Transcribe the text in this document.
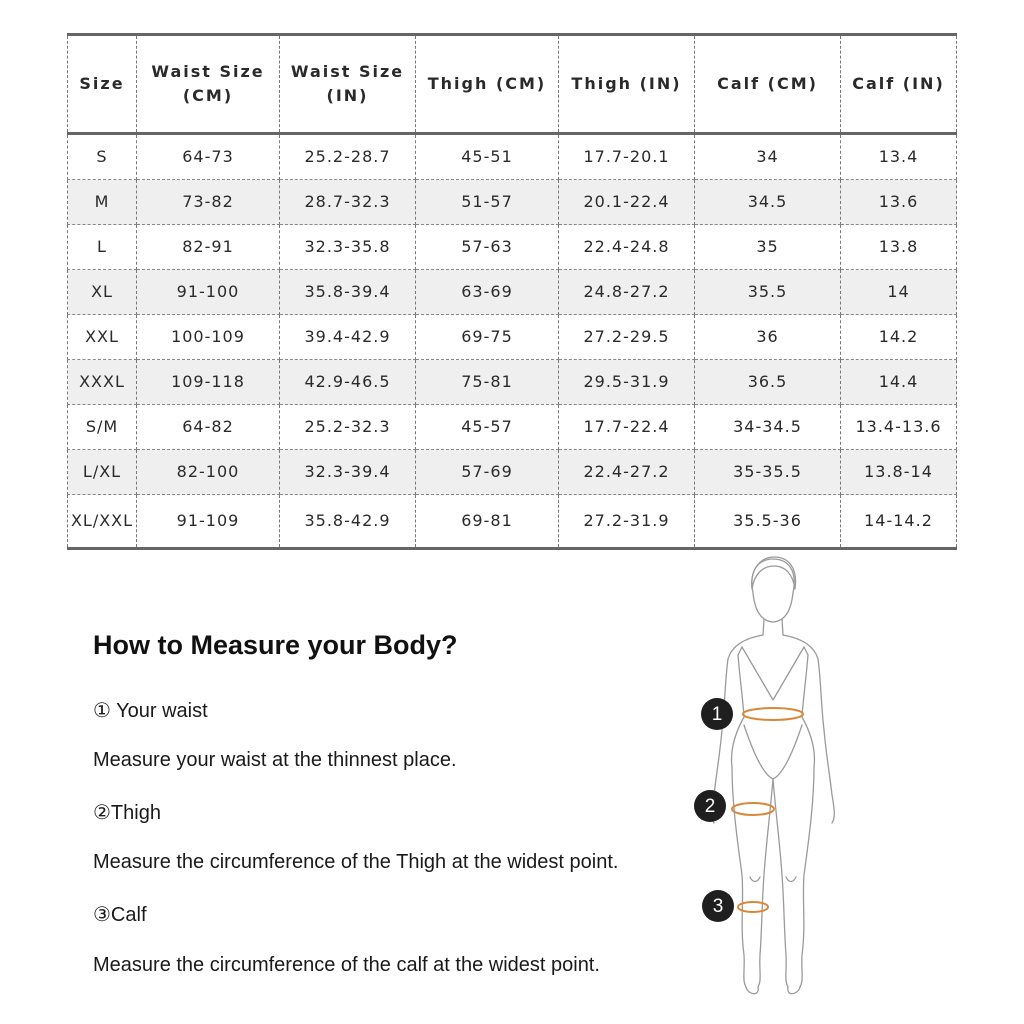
Size	Waist Size (CM)	Waist Size (IN)	Thigh (CM)	Thigh (IN)	Calf (CM)	Calf (IN)
S	64-73	25.2-28.7	45-51	17.7-20.1	34	13.4
M	73-82	28.7-32.3	51-57	20.1-22.4	34.5	13.6
L	82-91	32.3-35.8	57-63	22.4-24.8	35	13.8
XL	91-100	35.8-39.4	63-69	24.8-27.2	35.5	14
XXL	100-109	39.4-42.9	69-75	27.2-29.5	36	14.2
XXXL	109-118	42.9-46.5	75-81	29.5-31.9	36.5	14.4
S/M	64-82	25.2-32.3	45-57	17.7-22.4	34-34.5	13.4-13.6
L/XL	82-100	32.3-39.4	57-69	22.4-27.2	35-35.5	13.8-14
XL/XXL	91-109	35.8-42.9	69-81	27.2-31.9	35.5-36	14-14.2
How to Measure your Body?

① Your waist

Measure your waist at the thinnest place.

②Thigh

Measure the circumference of the Thigh at the widest point.

③Calf

Measure the circumference of the calf at the widest point.

1
2
3
